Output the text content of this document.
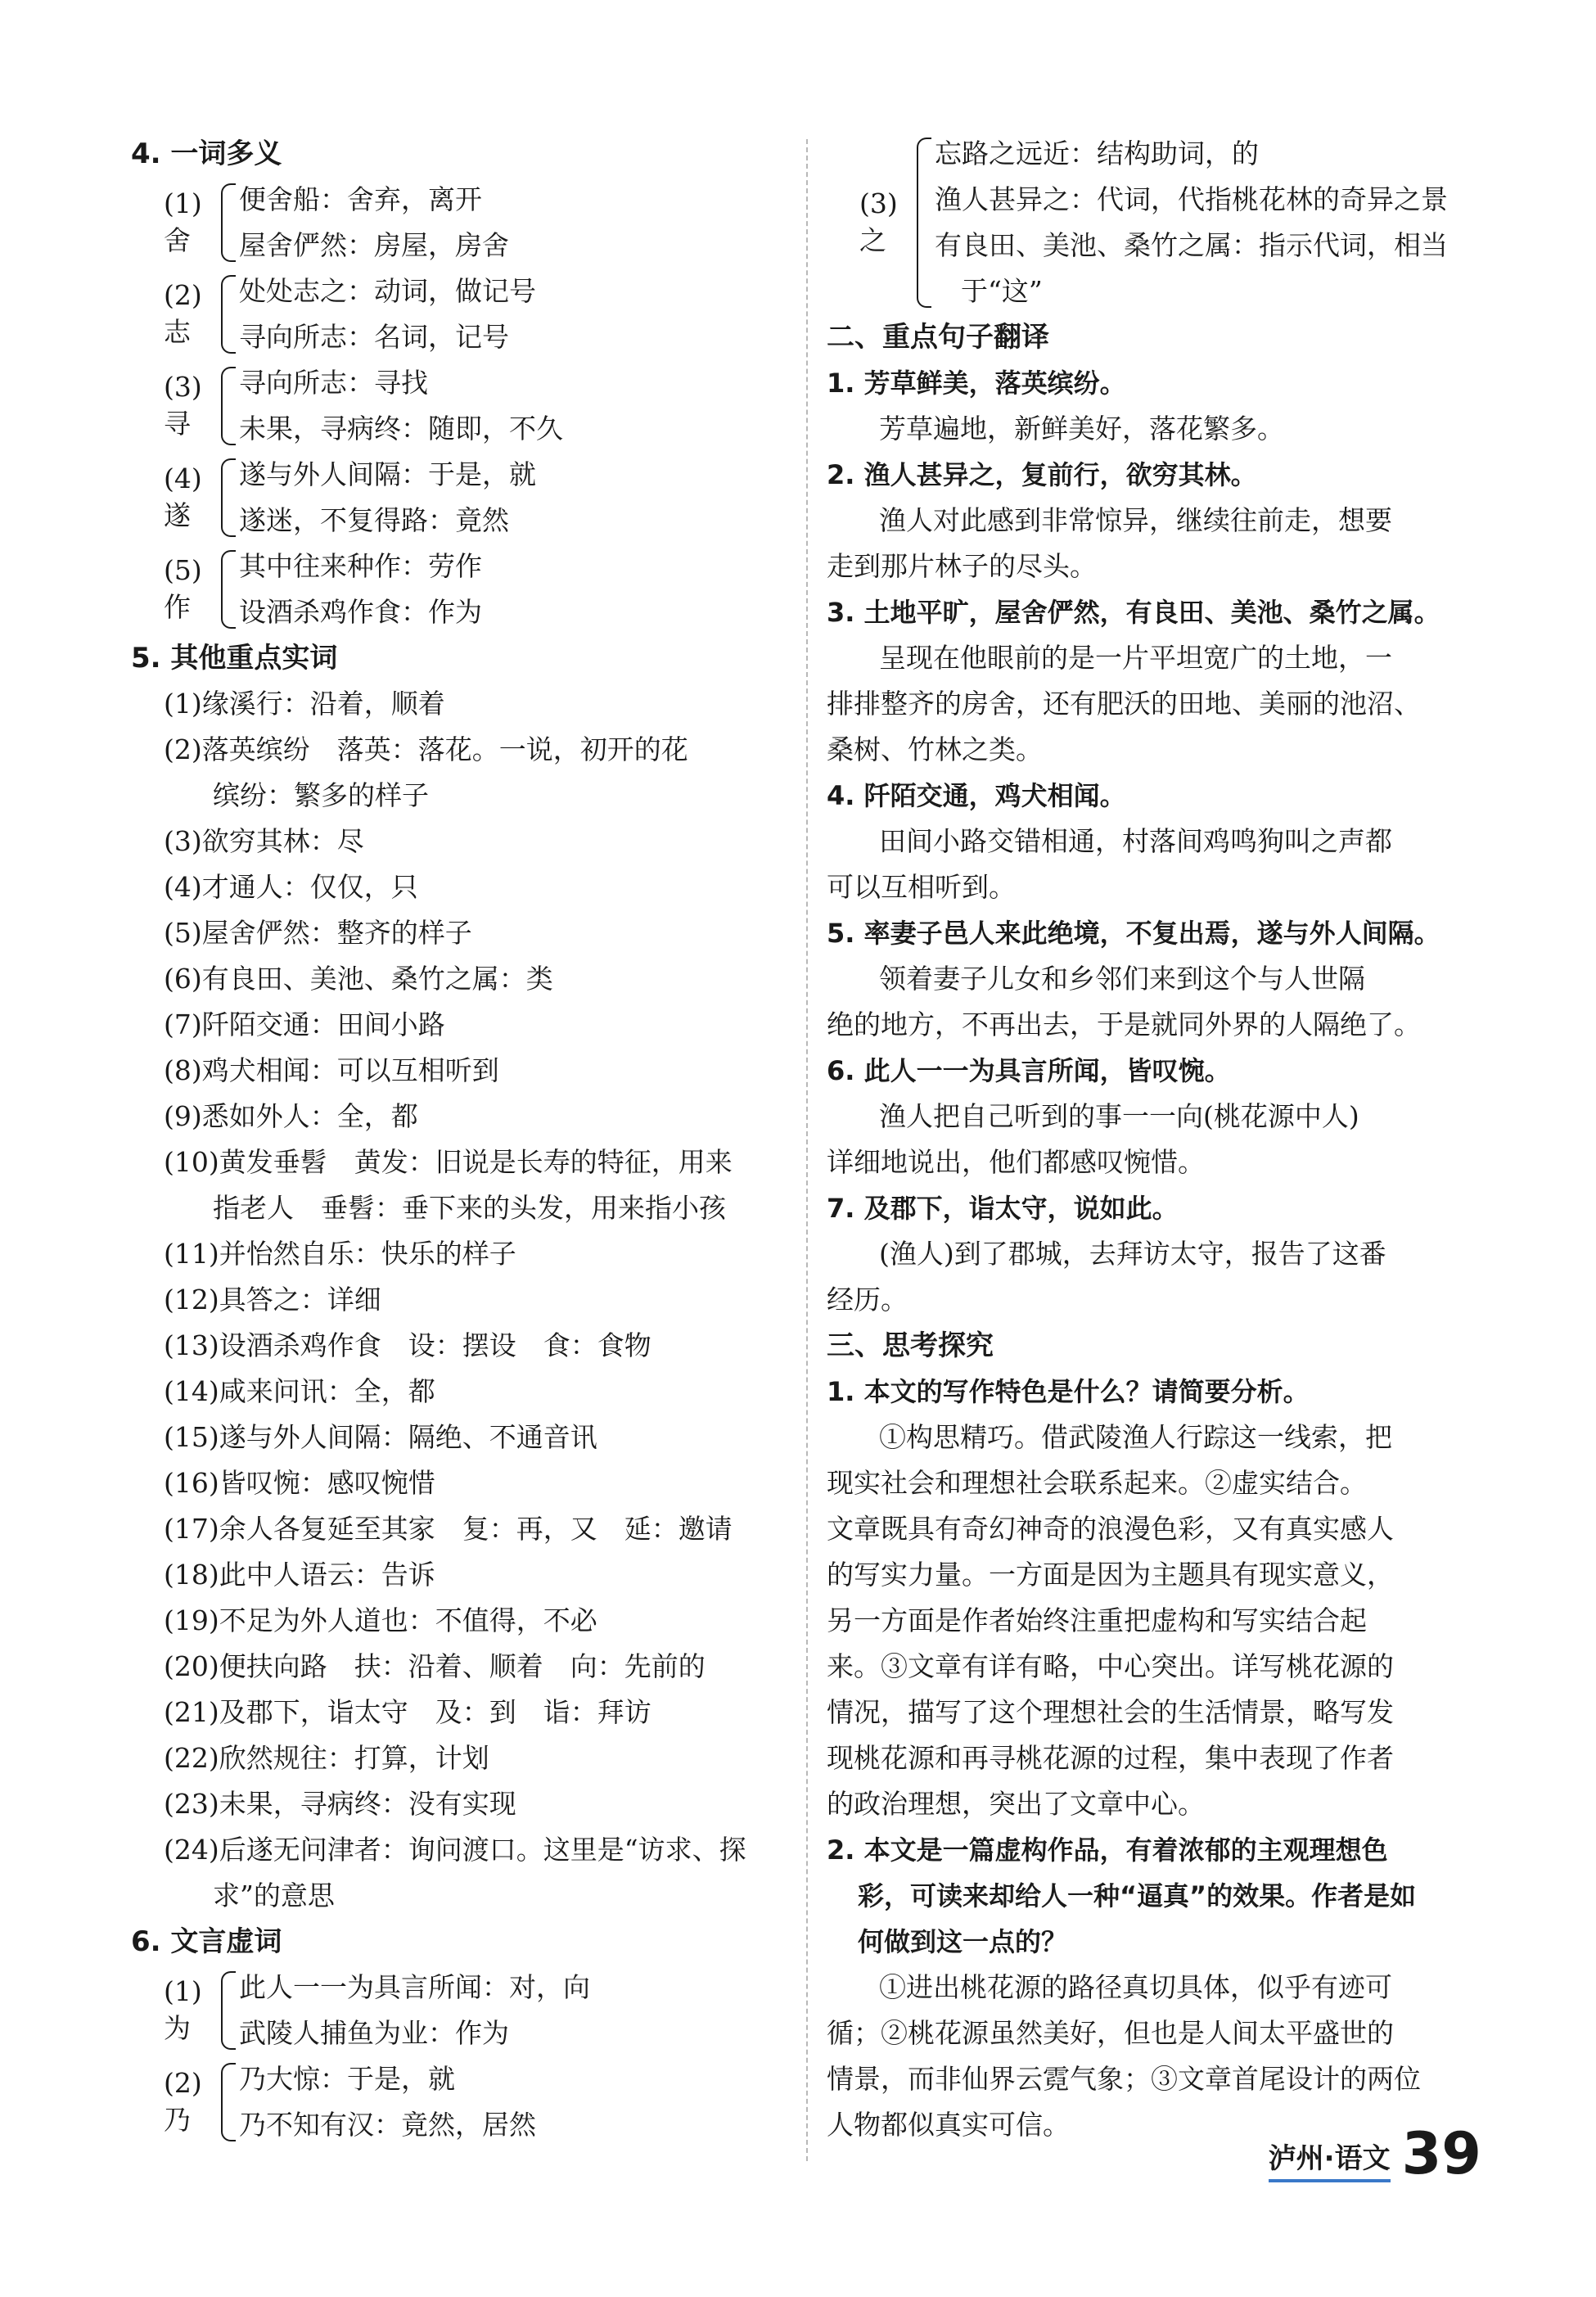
4. 一词多义
(1)舍
便舍船：舍弃，离开
屋舍俨然：房屋，房舍
(2)志
处处志之：动词，做记号
寻向所志：名词，记号
(3)寻
寻向所志：寻找
未果，寻病终：随即，不久
(4)遂
遂与外人间隔：于是，就
遂迷，不复得路：竟然
(5)作
其中往来种作：劳作
设酒杀鸡作食：作为
5. 其他重点实词
(1)缘溪行：沿着，顺着
(2)落英缤纷　落英：落花。一说，初开的花
缤纷：繁多的样子
(3)欲穷其林：尽
(4)才通人：仅仅，只
(5)屋舍俨然：整齐的样子
(6)有良田、美池、桑竹之属：类
(7)阡陌交通：田间小路
(8)鸡犬相闻：可以互相听到
(9)悉如外人：全，都
(10)黄发垂髫　黄发：旧说是长寿的特征，用来
指老人　垂髫：垂下来的头发，用来指小孩
(11)并怡然自乐：快乐的样子
(12)具答之：详细
(13)设酒杀鸡作食　设：摆设　食：食物
(14)咸来问讯：全，都
(15)遂与外人间隔：隔绝、不通音讯
(16)皆叹惋：感叹惋惜
(17)余人各复延至其家　复：再，又　延：邀请
(18)此中人语云：告诉
(19)不足为外人道也：不值得，不必
(20)便扶向路　扶：沿着、顺着　向：先前的
(21)及郡下，诣太守　及：到　诣：拜访
(22)欣然规往：打算，计划
(23)未果，寻病终：没有实现
(24)后遂无问津者：询问渡口。这里是“访求、探
求”的意思
6. 文言虚词
(1)为
此人一一为具言所闻：对，向
武陵人捕鱼为业：作为
(2)乃
乃大惊：于是，就
乃不知有汉：竟然，居然
(3)之
忘路之远近：结构助词，的
渔人甚异之：代词，代指桃花林的奇异之景
有良田、美池、桑竹之属：指示代词，相当
于“这”
二、重点句子翻译
1. 芳草鲜美，落英缤纷。
芳草遍地，新鲜美好，落花繁多。
2. 渔人甚异之，复前行，欲穷其林。
渔人对此感到非常惊异，继续往前走，想要
走到那片林子的尽头。
3. 土地平旷，屋舍俨然，有良田、美池、桑竹之属。
呈现在他眼前的是一片平坦宽广的土地，一
排排整齐的房舍，还有肥沃的田地、美丽的池沼、
桑树、竹林之类。
4. 阡陌交通，鸡犬相闻。
田间小路交错相通，村落间鸡鸣狗叫之声都
可以互相听到。
5. 率妻子邑人来此绝境，不复出焉，遂与外人间隔。
领着妻子儿女和乡邻们来到这个与人世隔
绝的地方，不再出去，于是就同外界的人隔绝了。
6. 此人一一为具言所闻，皆叹惋。
渔人把自己听到的事一一向(桃花源中人)
详细地说出，他们都感叹惋惜。
7. 及郡下，诣太守，说如此。
(渔人)到了郡城，去拜访太守，报告了这番
经历。
三、思考探究
1. 本文的写作特色是什么？请简要分析。
①构思精巧。借武陵渔人行踪这一线索，把
现实社会和理想社会联系起来。②虚实结合。
文章既具有奇幻神奇的浪漫色彩，又有真实感人
的写实力量。一方面是因为主题具有现实意义，
另一方面是作者始终注重把虚构和写实结合起
来。③文章有详有略，中心突出。详写桃花源的
情况，描写了这个理想社会的生活情景，略写发
现桃花源和再寻桃花源的过程，集中表现了作者
的政治理想，突出了文章中心。
2. 本文是一篇虚构作品，有着浓郁的主观理想色
彩，可读来却给人一种“逼真”的效果。作者是如
何做到这一点的？
①进出桃花源的路径真切具体，似乎有迹可
循；②桃花源虽然美好，但也是人间太平盛世的
情景，而非仙界云霓气象；③文章首尾设计的两位
人物都似真实可信。
泸州·语文 39
